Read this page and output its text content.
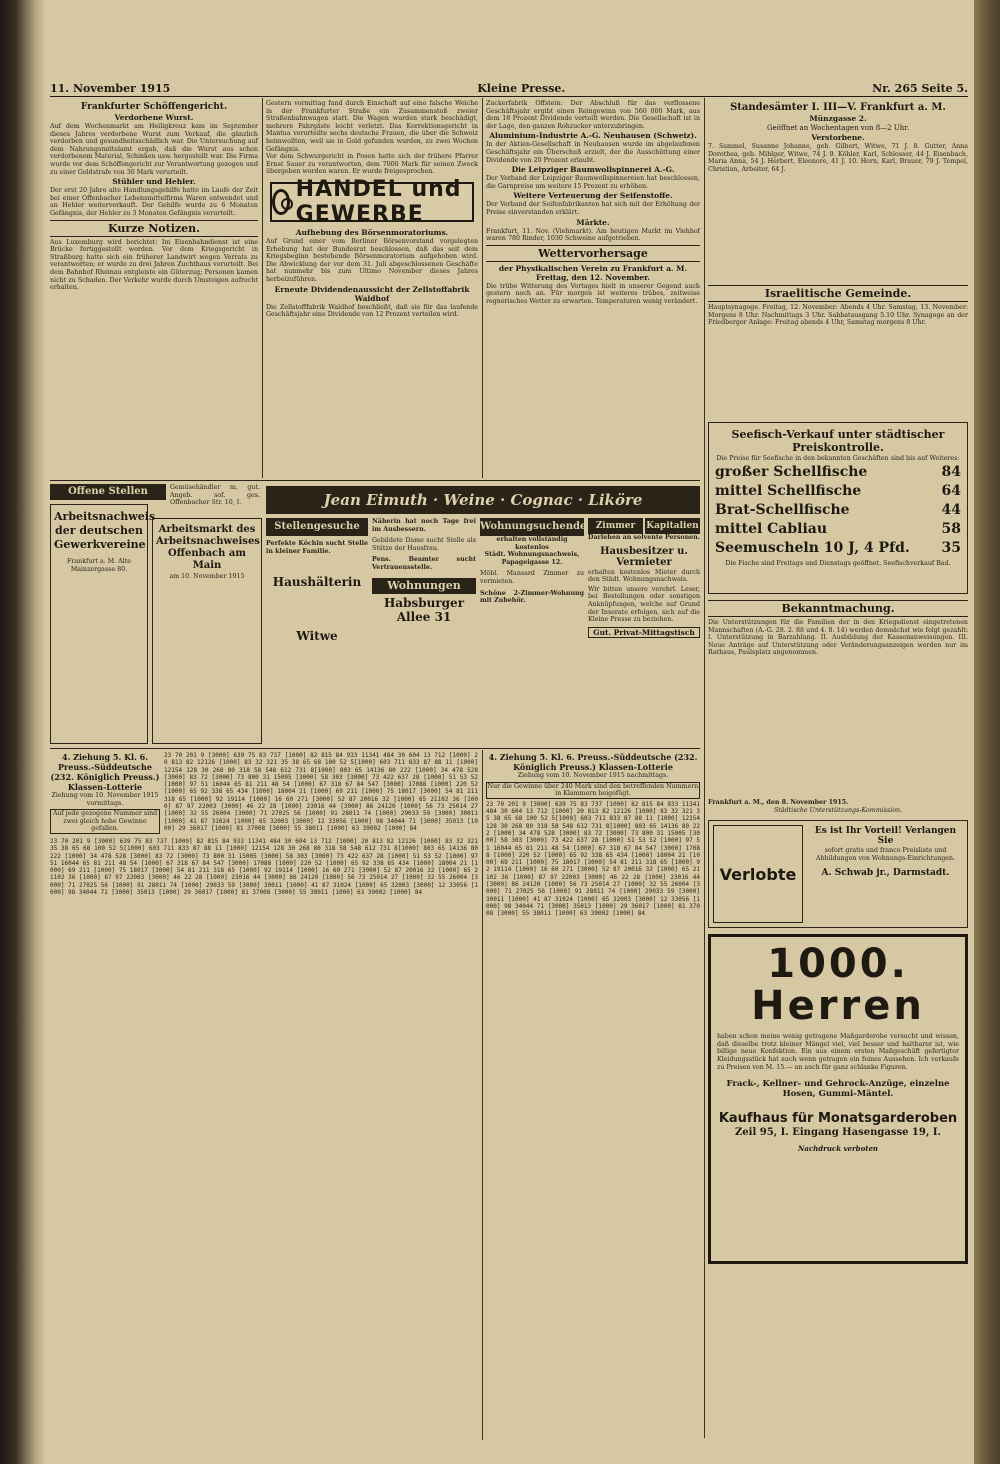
11. November 1915	Kleine Presse.	Nr. 265 Seite 5.
Frankfurter Schöffengericht.
Verdorbene Wurst.

Auf dem Wochenmarkt am Heiligkreuz kam im September dieses Jahres verdorbene Wurst zum Verkauf, die gänzlich verdorben und gesundheitsschädlich war. Die Untersuchung auf dem Nahrungsmittelamt ergab, daß die Wurst aus schon verdorbenem Material, Schinken usw. hergestellt war. Die Firma wurde vor dem Schöffengericht zur Verantwortung gezogen und zu einer Geldstrafe von 30 Mark verurteilt.

Stühler und Hehler.

Der erst 20 Jahre alte Handlungsgehilfe hatte im Laufe der Zeit bei einer Offenbacher Lebensmittelfirma Waren entwendet und an Hehler weiterverkauft. Der Gehilfe wurde zu 6 Monaten Gefängnis, der Hehler zu 3 Monaten Gefängnis verurteilt.

Kurze Notizen.

Aus Luxemburg wird berichtet: Im Eisenbahndienst ist eine Brücke fertiggestellt worden. Vor dem Kriegsgericht in Straßburg hatte sich ein früherer Landwirt wegen Verrats zu verantworten; er wurde zu drei Jahren Zuchthaus verurteilt. Bei dem Bahnhof Rheinau entgleiste ein Güterzug; Personen kamen nicht zu Schaden. Der Verkehr wurde durch Umsteigen aufrecht erhalten.

Gestern vormittag fand durch Einschaft auf eine falsche Weiche in der Frankfurter Straße ein Zusammenstoß zweier Straßenbahnwagen statt. Die Wagen wurden stark beschädigt, mehrere Fahrgäste leicht verletzt. Das Korrektionsgericht in Mantua verurteilte sechs deutsche Frauen, die über die Schweiz heimwollten, weil sie in Gold gefunden wurden, zu zwei Wochen Gefängnis.

Vor dem Schwurgericht in Posen hatte sich der frühere Pfarrer Ernst Sauer zu verantworten, dem 7000 Mark für seinen Zweck übergeben worden waren. Er wurde freigesprochen.

HANDEL und GEWERBE
Aufhebung des Börsenmoratoriums.

Auf Grund einer vom Berliner Börsenvorstand vorgelegten Erhebung hat der Bundesrat beschlossen, daß das seit dem Kriegsbeginn bestehende Börsenmoratorium aufgehoben wird. Die Abwicklung der vor dem 31. Juli abgeschlossenen Geschäfte hat nunmehr bis zum Ultimo November dieses Jahres herbeizuführen.

Erneute Dividendenaussicht der Zellstoffabrik Waldhof

Die Zellstofffabrik Waldhof beschließt, daß sie für das laufende Geschäftsjahr eine Dividende von 12 Prozent verteilen wird.

Zuckerfabrik Offstein: Der Abschluß für das verflossene Geschäftsjahr ergibt einen Reingewinn von 560 000 Mark, aus dem 18 Prozent Dividende verteilt werden. Die Gesellschaft ist in der Lage, den ganzen Rohzucker unterzubringen.

Aluminium-Industrie A.-G. Neuhausen (Schweiz).

In der Aktien-Gesellschaft in Neuhausen wurde im abgelaufenen Geschäftsjahr ein Überschuß erzielt, der die Ausschüttung einer Dividende von 20 Prozent erlaubt.

Die Leipziger Baumwollspinnerei A.-G.

Der Verband der Leipziger Baumwollspinnereien hat beschlossen, die Garnpreise um weitere 15 Prozent zu erhöhen.

Weitere Verteuerung der Seifenstoffe.

Der Verband der Seifenfabrikanten hat sich mit der Erhöhung der Preise einverstanden erklärt.

Märkte.

Frankfurt, 11. Nov. (Viehmarkt). Am heutigen Markt im Viehhof waren 780 Rinder, 1030 Schweine aufgetrieben.

Wettervorhersage
der Physikalischen Verein zu Frankfurt a. M. Freitag, den 12. November.

Die trübe Witterung des Vortages hielt in unserer Gegend auch gestern noch an. Für morgen ist weiteres trübes, zeitweise regnerisches Wetter zu erwarten. Temperaturen wenig verändert.

Standesämter I. III—V. Frankfurt a. M.
Münzgasse 2.
Geöffnet an Wochentagen von 8—2 Uhr.
Verstorbene.

7. Sammel, Susanne Johanne, geb. Gilbert, Witwe, 71 J. 8. Gutter, Anna Dorothea, geb. Mihlger, Witwe, 74 J. 9. Köhler, Karl, Schlosser, 44 J. Eisenbach, Maria Anna, 54 J. Herbert, Eleonore, 41 J. 10. Horn, Karl, Brauer, 79 J. Tempel, Christian, Arbeiter, 64 J.

Israelitische Gemeinde.

Hauptsynagoge. Freitag, 12. November: Abends 4 Uhr. Samstag, 13. November: Morgens 8 Uhr. Nachmittags 3 Uhr. Sabbatausgang 5.10 Uhr. Synagoge an der Friedberger Anlage: Freitag abends 4 Uhr, Samstag morgens 8 Uhr.

Seefisch-Verkauf unter städtischer Preiskontrolle.

Die Preise für Seefische in den bekannten Geschäften sind bis auf Weiteres:

großer Schellfische	84
mittel Schellfische	64
Brat-Schellfische	44
mittel Cabliau	58
Seemuscheln 10 J, 4 Pfd. 35

Die Fische sind Freitags und Dienstags geöffnet. Seefischverkauf Bad.

Bekanntmachung.

Die Unterstützungen für die Familien der in den Kriegsdienst eingetretenen Mannschaften (A.-G. 28. 2. 88 und 4. 8. 14) werden demnächst wie folgt gezahlt: I. Unterstützung in Barzahlung. II. Ausbildung der Kassenanweisungen. III. Neue Anträge auf Unterstützung oder Veränderungsanzeigen werden nur im Rathaus, Paulsplatz angenommen.

Frankfurt a. M., den 8. November 1915.

Städtische Unterstützungs-Kommission.

Verlobte
Es ist Ihr Vorteil! Verlangen Sie

sofort gratis und franco Preisliste und Abbildungen von Wohnungs-Einrichtungen.

A. Schwab jr., Darmstadt.
1000.
Herren

haben schon meine wenig getragene Maßgarderobe versucht und wissen, daß dieselbe trotz kleiner Mängel viel, viel besser und haltbarer ist, wie billige neue Konfektion. Ein aus einem ersten Maßgeschäft gefertigter Kleidungsstück hat auch wenn getragen ein feines Aussehen. Ich verkaufe zu Preisen von M. 15.— an auch für ganz schlanke Figuren.

Frack-, Kellner- und Gehrock-Anzüge, einzelne Hosen, Gummi-Mäntel.
Kaufhaus für Monatsgarderoben
Zeil 95, I. Eingang Hasengasse 19, I.
Nachdruck verboten
Offene Stellen	Gemüsehändler m. gut. Angeb. sof. ges. Offenbacher Str. 10, I.
Arbeitsnachweis der deutschen Gewerkvereine

Frankfurt a. M. Alte Mainzergasse 80.

Arbeitsmarkt des Arbeitsnachweises Offenbach am Main

am 10. November 1915

Jean Eimuth · Weine · Cognac · Liköre
Stellengesuche

Perfekte Köchin sucht Stelle in kleiner Familie.

Haushälterin
Witwe

Näherin hat noch Tage frei im Ausbessern.

Gebildete Dame sucht Stelle als Stütze der Hausfrau.

Pens. Beamter sucht Vertrauensstelle.

Wohnungen
Habsburger Allee 31
Wohnungsuchende

erhalten vollständig kostenlos

Städt. Wohnungsnachweis, Papageigasse 12.

Möbl. Mansard Zimmer zu vermieten.

Schöne 2-Zimmer-Wohnung mit Zubehör.

Zimmer	Kapitalien

Darlehen an solvente Personen.

Hausbesitzer u. Vermieter

erhalten kostenlos Mieter durch den Städt. Wohnungsnachweis.

Wir bitten unsere verehrl. Leser, bei Bestellungen oder sonstigen Anknüpfungen, welche auf Grund der Inserate erfolgen, sich auf die Kleine Presse zu beziehen.

Gut. Privat-Mittagstisch
4. Ziehung 5. Kl. 6. Preuss.-Süddeutsche (232. Königlich Preuss.) Klassen-Lotterie

Ziehung vom 10. November 1915 vormittags.

Auf jede gezogene Nummer sind zwei gleich hohe Gewinne gefallen.
23 70 201 9 [3000] 639 75 83 737 [1000] 82 815 84 933 11341 484 30 604 13 712 [1000] 20 813 82 12126 [1000] 83 32 321 35 38 65 68 100 52 5[1000] 603 711 833 87 88 11 [1000] 12154 128 30 268 80 318 58 548 612 731 8[1000] 803 65 14136 80 222 [1000] 34 478 528 [3000] 83 72 [3000] 73 800 31 15005 [3000] 58 303 [3000] 73 422 637 28 [1000] 51 53 52 [1000] 97 51 16044 65 81 211 48 54 [1000] 67 318 67 84 547 [3000] 17088 [1000] 220 52 [1000] 65 92 338 65 434 [1000] 18004 21 [1000] 69 211 [1000] 75 18017 [3000] 54 81 211 318 65 [1000] 92 19114 [1000] 16 60 271 [3000] 52 87 20016 32 [1000] 65 21102 36 [1000] 87 97 22003 [3000] 46 22 28 [1000] 23016 44 [3000] 86 24120 [1000] 56 73 25014 27 [1000] 32 55 26004 [3000] 71 27025 56 [1000] 91 28011 74 [1000] 29033 59 [3000] 30011 [1000] 41 87 31024 [1000] 65 32003 [3000] 12 33056 [1000] 98 34044 71 [3000] 35013 [1000] 29 36017 [1000] 81 37008 [3000] 55 38011 [1000] 63 39002 [1000] 84
23 70 201 9 [3000] 639 75 83 737 [1000] 82 815 84 933 11341 484 30 604 13 712 [1000] 20 813 82 12126 [1000] 83 32 321 35 38 65 68 100 52 5[1000] 603 711 833 87 88 11 [1000] 12154 128 30 268 80 318 58 548 612 731 8[1000] 803 65 14136 80 222 [1000] 34 478 528 [3000] 83 72 [3000] 73 800 31 15005 [3000] 58 303 [3000] 73 422 637 28 [1000] 51 53 52 [1000] 97 51 16044 65 81 211 48 54 [1000] 67 318 67 84 547 [3000] 17088 [1000] 220 52 [1000] 65 92 338 65 434 [1000] 18004 21 [1000] 69 211 [1000] 75 18017 [3000] 54 81 211 318 65 [1000] 92 19114 [1000] 16 60 271 [3000] 52 87 20016 32 [1000] 65 21102 36 [1000] 87 97 22003 [3000] 46 22 28 [1000] 23016 44 [3000] 86 24120 [1000] 56 73 25014 27 [1000] 32 55 26004 [3000] 71 27025 56 [1000] 91 28011 74 [1000] 29033 59 [3000] 30011 [1000] 41 87 31024 [1000] 65 32003 [3000] 12 33056 [1000] 98 34044 71 [3000] 35013 [1000] 29 36017 [1000] 81 37008 [3000] 55 38011 [1000] 63 39002 [1000] 84
4. Ziehung 5. Kl. 6. Preuss.-Süddeutsche (232. Königlich Preuss.) Klassen-Lotterie

Ziehung vom 10. November 1915 nachmittags.

Nur die Gewinne über 240 Mark sind den betreffenden Nummern in Klammern beigefügt.
23 70 201 9 [3000] 639 75 83 737 [1000] 82 815 84 933 11341 484 30 604 13 712 [1000] 20 813 82 12126 [1000] 83 32 321 35 38 65 68 100 52 5[1000] 603 711 833 87 88 11 [1000] 12154 128 30 268 80 318 58 548 612 731 8[1000] 803 65 14136 80 222 [1000] 34 478 528 [3000] 83 72 [3000] 73 800 31 15005 [3000] 58 303 [3000] 73 422 637 28 [1000] 51 53 52 [1000] 97 51 16044 65 81 211 48 54 [1000] 67 318 67 84 547 [3000] 17088 [1000] 220 52 [1000] 65 92 338 65 434 [1000] 18004 21 [1000] 69 211 [1000] 75 18017 [3000] 54 81 211 318 65 [1000] 92 19114 [1000] 16 60 271 [3000] 52 87 20016 32 [1000] 65 21102 36 [1000] 87 97 22003 [3000] 46 22 28 [1000] 23016 44 [3000] 86 24120 [1000] 56 73 25014 27 [1000] 32 55 26004 [3000] 71 27025 56 [1000] 91 28011 74 [1000] 29033 59 [3000] 30011 [1000] 41 87 31024 [1000] 65 32003 [3000] 12 33056 [1000] 98 34044 71 [3000] 35013 [1000] 29 36017 [1000] 81 37008 [3000] 55 38011 [1000] 63 39002 [1000] 84
